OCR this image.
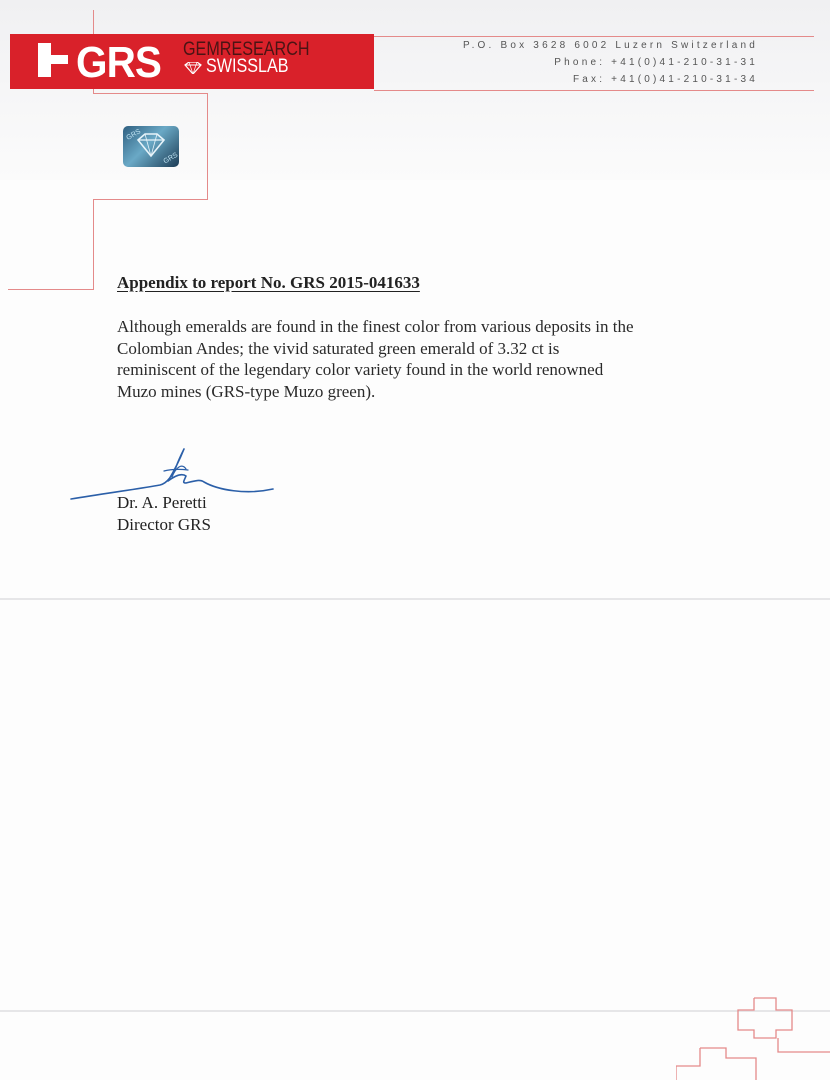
GRS GEMRESEARCH
SWISSLAB
P.O. Box 3628 6002 Luzern Switzerland
Phone: +41(0)41-210-31-31
Fax: +41(0)41-210-31-34
GRS
GRS
Appendix to report No. GRS 2015-041633
Although emeralds are found in the finest color from various deposits in the
Colombian Andes; the vivid saturated green emerald of 3.32 ct is
reminiscent of the legendary color variety found in the world renowned
Muzo mines (GRS-type Muzo green).
Dr. A. Peretti
Director GRS
